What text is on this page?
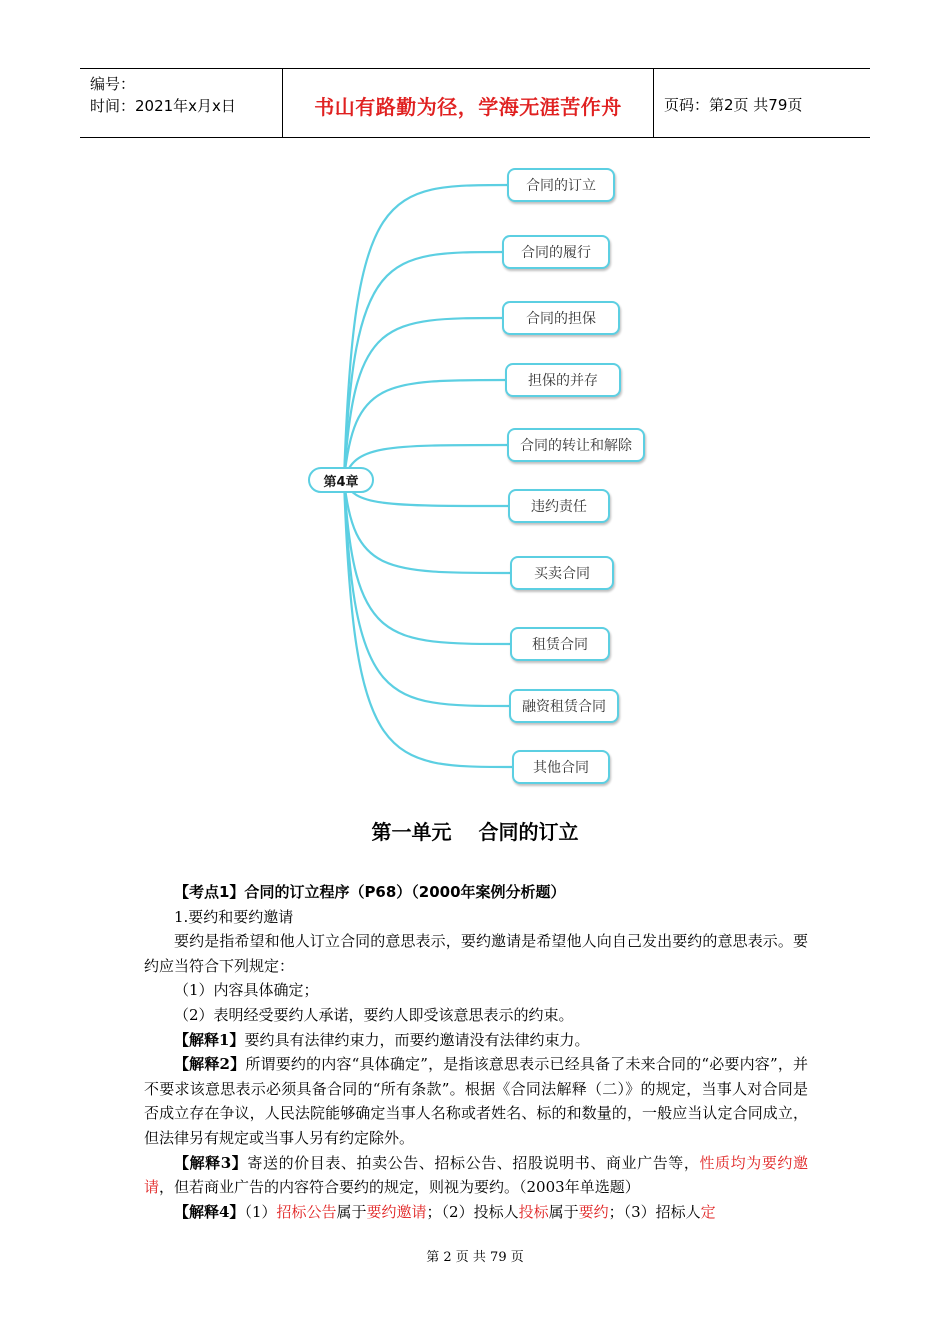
编号：
时间：2021年x月x日	书山有路勤为径，学海无涯苦作舟	页码：第2页 共79页
第4章
合同的订立
合同的履行
合同的担保
担保的并存
合同的转让和解除
违约责任
买卖合同
租赁合同
融资租赁合同
其他合同
第一单元 合同的订立

【考点1】合同的订立程序（P68）（2000年案例分析题）

1.要约和要约邀请

要约是指希望和他人订立合同的意思表示，要约邀请是希望他人向自己发出要约的意思表示。要约应当符合下列规定：

（1）内容具体确定；

（2）表明经受要约人承诺，要约人即受该意思表示的约束。

【解释1】要约具有法律约束力，而要约邀请没有法律约束力。

【解释2】所谓要约的内容“具体确定”，是指该意思表示已经具备了未来合同的“必要内容”，并不要求该意思表示必须具备合同的“所有条款”。根据《合同法解释（二）》的规定，当事人对合同是否成立存在争议，人民法院能够确定当事人名称或者姓名、标的和数量的，一般应当认定合同成立，但法律另有规定或当事人另有约定除外。

【解释3】寄送的价目表、拍卖公告、招标公告、招股说明书、商业广告等，性质均为要约邀请，但若商业广告的内容符合要约的规定，则视为要约。（2003年单选题）

【解释4】（1）招标公告属于要约邀请；（2）投标人投标属于要约；（3）招标人定

第 2 页 共 79 页
